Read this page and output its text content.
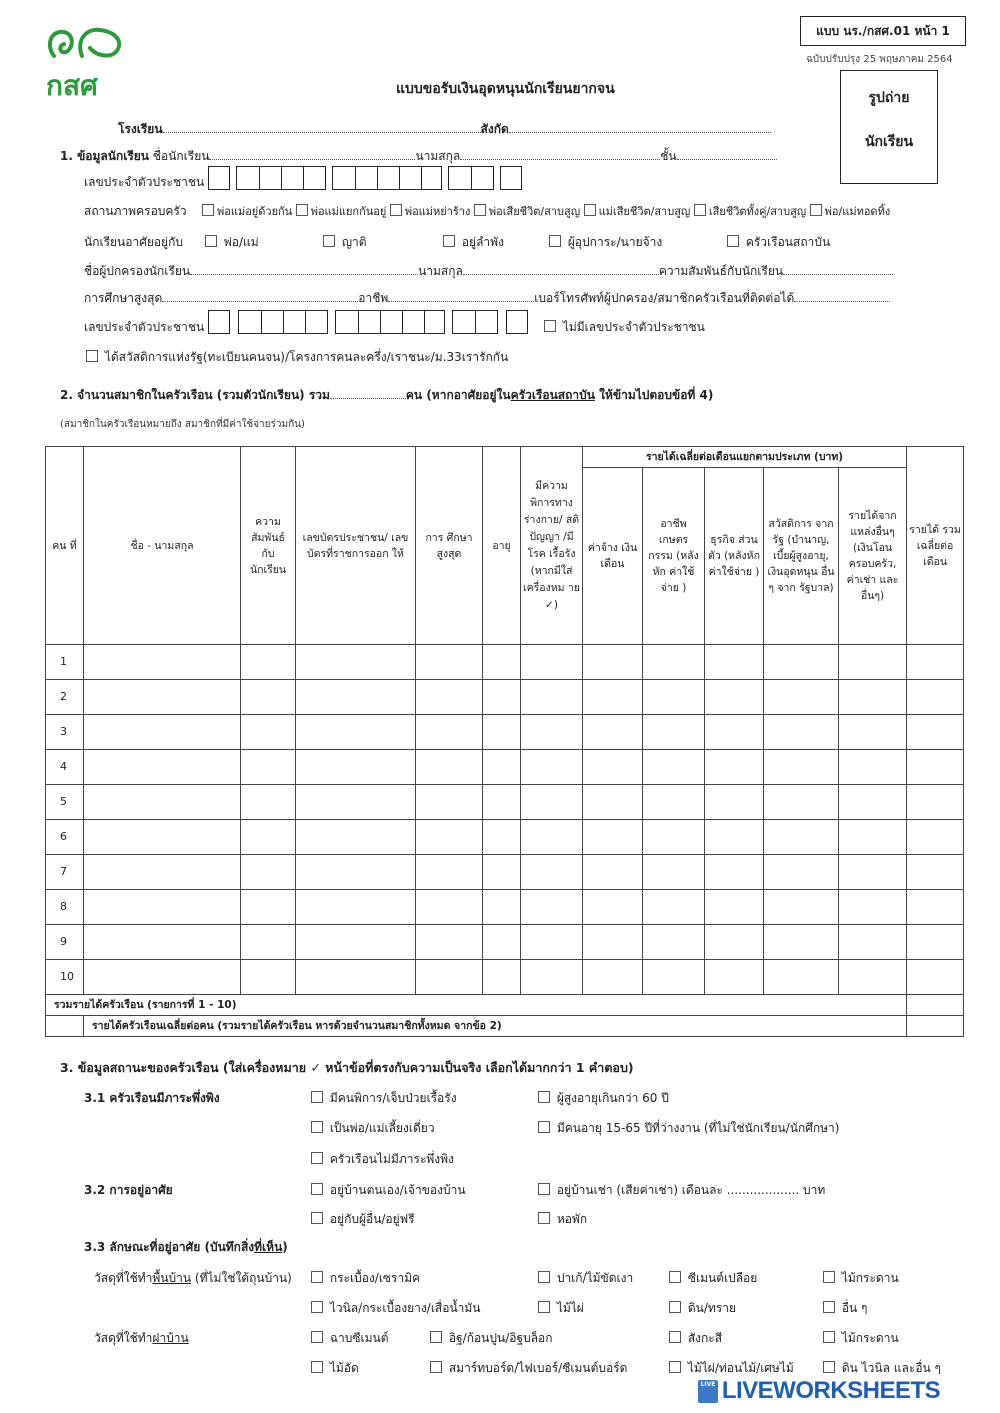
กสศ
แบบ นร./กสศ.01 หน้า 1
ฉบับปรับปรุง 25 พฤษภาคม 2564
แบบขอรับเงินอุดหนุนนักเรียนยากจน
รูปถ่าย
นักเรียน
โรงเรียน	สังกัด
1. ข้อมูลนักเรียน ชื่อนักเรียน	นามสกุล	ชั้น
เลขประจำตัวประชาชน
สถานภาพครอบครัว	พ่อแม่อยู่ด้วยกัน พ่อแม่แยกกันอยู่ พ่อแม่หย่าร้าง พ่อเสียชีวิต/สาบสูญ แม่เสียชีวิต/สาบสูญ เสียชีวิตทั้งคู่/สาบสูญ พ่อ/แม่ทอดทิ้ง
นักเรียนอาศัยอยู่กับ	พ่อ/แม่	ญาติ	อยู่ลำพัง	ผู้อุปการะ/นายจ้าง	ครัวเรือนสถาบัน
ชื่อผู้ปกครองนักเรียน	นามสกุล	ความสัมพันธ์กับนักเรียน
การศึกษาสูงสุด	อาชีพ	เบอร์โทรศัพท์ผู้ปกครอง/สมาชิกครัวเรือนที่ติดต่อได้
เลขประจำตัวประชาชน	ไม่มีเลขประจำตัวประชาชน
ได้สวัสดิการแห่งรัฐ(ทะเบียนคนจน)/โครงการคนละครึ่ง/เราชนะ/ม.33เรารักกัน
2. จำนวนสมาชิกในครัวเรือน (รวมตัวนักเรียน) รวม	คน (หากอาศัยอยู่ในครัวเรือนสถาบัน ให้ข้ามไปตอบข้อที่ 4)
(สมาชิกในครัวเรือนหมายถึง สมาชิกที่มีค่าใช้จ่ายร่วมกัน)
คน ที่	ชื่อ - นามสกุล	ความ สัมพันธ์ กับ นักเรียน	เลขบัตรประชาชน/ เลขบัตรที่ราชการออก ให้	การ ศึกษา สูงสุด	อายุ	มีความ พิการทาง ร่างกาย/ สติปัญญา /มีโรค เรื้อรัง (หากมีใส่ เครื่องหม าย ✓)	รายได้เฉลี่ยต่อเดือนแยกตามประเภท (บาท)					รายได้ รวม เฉลี่ยต่อ เดือน
							ค่าจ้าง เงินเดือน	อาชีพ เกษตร กรรม (หลังหัก ค่าใช้จ่าย )	ธุรกิจ ส่วนตัว (หลังหัก ค่าใช้จ่าย )	สวัสดิการ จากรัฐ (บำนาญ, เบี้ยผู้สูงอายุ, เงินอุดหนุน อื่น ๆ จาก รัฐบาล)	รายได้จาก แหล่งอื่นๆ (เงินโอน ครอบครัว, ค่าเช่า และ อื่นๆ)	
1												
2												
3												
4												
5												
6												
7												
8												
9												
10												
รวมรายได้ครัวเรือน (รายการที่ 1 - 10)												
	รายได้ครัวเรือนเฉลี่ยต่อคน (รวมรายได้ครัวเรือน หารด้วยจำนวนสมาชิกทั้งหมด จากข้อ 2)											
3. ข้อมูลสถานะของครัวเรือน (ใส่เครื่องหมาย ✓ หน้าข้อที่ตรงกับความเป็นจริง เลือกได้มากกว่า 1 คำตอบ)
3.1 ครัวเรือนมีภาระพึ่งพิง	มีคนพิการ/เจ็บป่วยเรื้อรัง	ผู้สูงอายุเกินกว่า 60 ปี
เป็นพ่อ/แม่เลี้ยงเดี่ยว	มีคนอายุ 15-65 ปีที่ว่างงาน (ที่ไม่ใช่นักเรียน/นักศึกษา)
ครัวเรือนไม่มีภาระพึ่งพิง
3.2 การอยู่อาศัย	อยู่บ้านตนเอง/เจ้าของบ้าน	อยู่บ้านเช่า (เสียค่าเช่า) เดือนละ ................... บาท
อยู่กับผู้อื่น/อยู่ฟรี	หอพัก
3.3 ลักษณะที่อยู่อาศัย (บันทึกสิ่งที่เห็น)
วัสดุที่ใช้ทำพื้นบ้าน (ที่ไม่ใช่ใต้ถุนบ้าน)	กระเบื้อง/เซรามิค	ปาเก้/ไม้ขัดเงา	ซีเมนต์เปลือย	ไม้กระดาน
ไวนิล/กระเบื้องยาง/เสื่อน้ำมัน	ไม้ไผ่	ดิน/ทราย	อื่น ๆ
วัสดุที่ใช้ทำฝาบ้าน	ฉาบซีเมนต์	อิฐ/ก้อนปูน/อิฐบล็อก	สังกะสี	ไม้กระดาน
ไม้อัด	สมาร์ทบอร์ด/ไฟเบอร์/ซีเมนต์บอร์ด	ไม้ไผ่/ท่อนไม้/เศษไม้	ดิน ไวนิล และอื่น ๆ
LIVE LIVEWORKSHEETS
